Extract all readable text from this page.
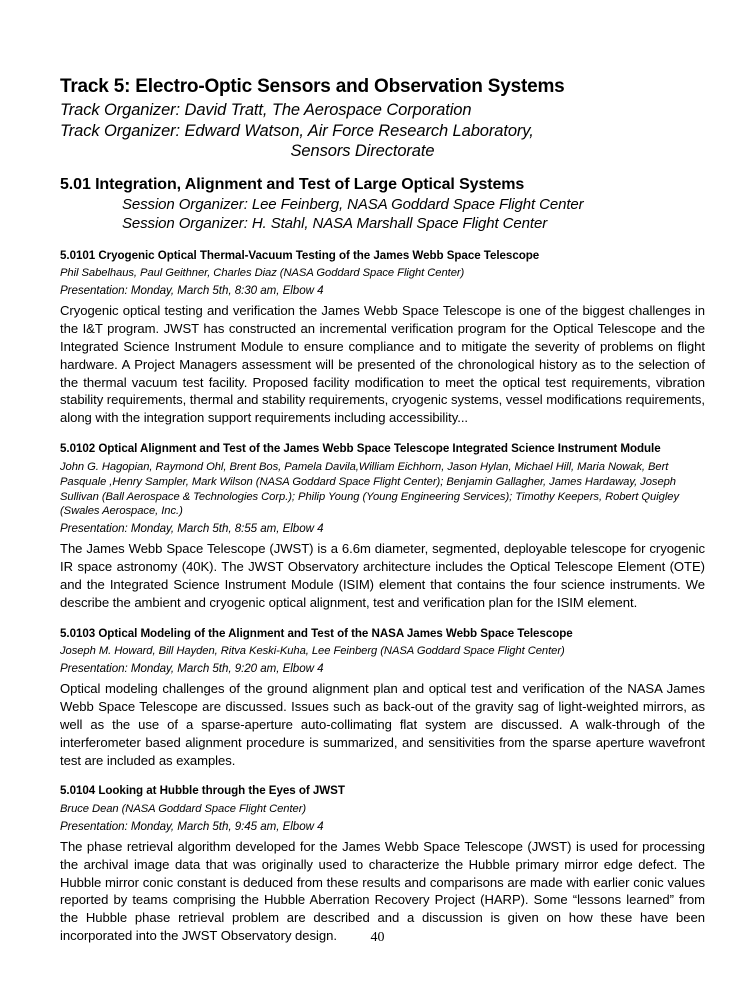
Track 5: Electro-Optic Sensors and Observation Systems

Track Organizer: David Tratt, The Aerospace Corporation

Track Organizer: Edward Watson, Air Force Research Laboratory,

Sensors Directorate

5.01 Integration, Alignment and Test of Large Optical Systems

Session Organizer: Lee Feinberg, NASA Goddard Space Flight Center

Session Organizer: H. Stahl, NASA Marshall Space Flight Center

5.0101 Cryogenic Optical Thermal-Vacuum Testing of the James Webb Space Telescope

Phil Sabelhaus, Paul Geithner, Charles Diaz (NASA Goddard Space Flight Center)

Presentation: Monday, March 5th, 8:30 am, Elbow 4

Cryogenic optical testing and verification the James Webb Space Telescope is one of the biggest challenges in the I&T program. JWST has constructed an incremental verification program for the Optical Telescope and the Integrated Science Instrument Module to ensure compliance and to mitigate the severity of problems on flight hardware. A Project Managers assessment will be presented of the chronological history as to the selection of the thermal vacuum test facility. Proposed facility modification to meet the optical test requirements, vibration stability requirements, thermal and stability requirements, cryogenic systems, vessel modifications requirements, along with the integration support requirements including accessibility...

5.0102 Optical Alignment and Test of the James Webb Space Telescope Integrated Science Instrument Module

John G. Hagopian, Raymond Ohl, Brent Bos, Pamela Davila,William Eichhorn, Jason Hylan, Michael Hill, Maria Nowak, Bert Pasquale ,Henry Sampler, Mark Wilson (NASA Goddard Space Flight Center); Benjamin Gallagher, James Hardaway, Joseph Sullivan (Ball Aerospace & Technologies Corp.); Philip Young (Young Engineering Services); Timothy Keepers, Robert Quigley (Swales Aerospace, Inc.)

Presentation: Monday, March 5th, 8:55 am, Elbow 4

The James Webb Space Telescope (JWST) is a 6.6m diameter, segmented, deployable telescope for cryogenic IR space astronomy (40K). The JWST Observatory architecture includes the Optical Telescope Element (OTE) and the Integrated Science Instrument Module (ISIM) element that contains the four science instruments. We describe the ambient and cryogenic optical alignment, test and verification plan for the ISIM element.

5.0103 Optical Modeling of the Alignment and Test of the NASA James Webb Space Telescope

Joseph M. Howard, Bill Hayden, Ritva Keski-Kuha, Lee Feinberg (NASA Goddard Space Flight Center)

Presentation: Monday, March 5th, 9:20 am, Elbow 4

Optical modeling challenges of the ground alignment plan and optical test and verification of the NASA James Webb Space Telescope are discussed. Issues such as back-out of the gravity sag of light-weighted mirrors, as well as the use of a sparse-aperture auto-collimating flat system are discussed. A walk-through of the interferometer based alignment procedure is summarized, and sensitivities from the sparse aperture wavefront test are included as examples.

5.0104 Looking at Hubble through the Eyes of JWST

Bruce Dean (NASA Goddard Space Flight Center)

Presentation: Monday, March 5th, 9:45 am, Elbow 4

The phase retrieval algorithm developed for the James Webb Space Telescope (JWST) is used for processing the archival image data that was originally used to characterize the Hubble primary mirror edge defect. The Hubble mirror conic constant is deduced from these results and comparisons are made with earlier conic values reported by teams comprising the Hubble Aberration Recovery Project (HARP). Some “lessons learned” from the Hubble phase retrieval problem are described and a discussion is given on how these have been incorporated into the JWST Observatory design.	40
